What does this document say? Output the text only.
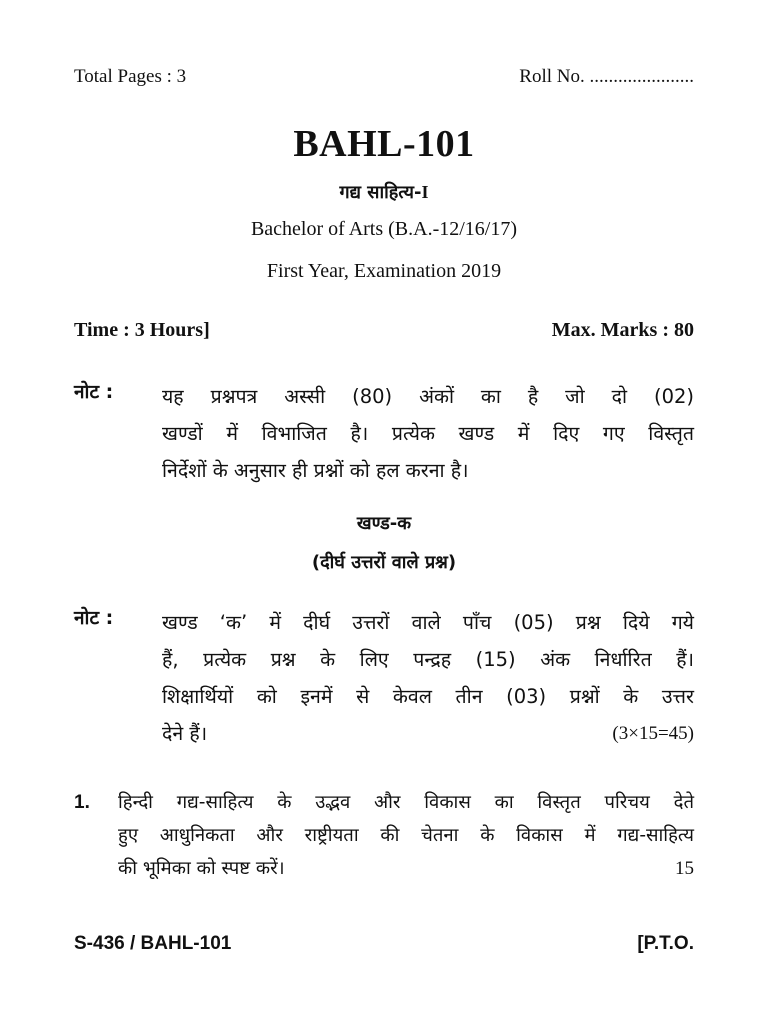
Total Pages : 3	Roll No. ......................
BAHL-101
गद्य साहित्य-I
Bachelor of Arts (B.A.-12/16/17)
First Year, Examination 2019
Time : 3 Hours]	Max. Marks : 80
नोट :	यह प्रश्नपत्र अस्सी (80) अंकों का है जो दो (02)
खण्डों में विभाजित है। प्रत्येक खण्ड में दिए गए विस्तृत
निर्देशों के अनुसार ही प्रश्नों को हल करना है।
खण्ड-क
(दीर्घ उत्तरों वाले प्रश्न)
नोट :	खण्ड ‘क’ में दीर्घ उत्तरों वाले पाँच (05) प्रश्न दिये गये
हैं, प्रत्येक प्रश्न के लिए पन्द्रह (15) अंक निर्धारित हैं।
शिक्षार्थियों को इनमें से केवल तीन (03) प्रश्नों के उत्तर
देने हैं।	(3×15=45)
1.	हिन्दी गद्य-साहित्य के उद्भव और विकास का विस्तृत परिचय देते
हुए आधुनिकता और राष्ट्रीयता की चेतना के विकास में गद्य-साहित्य
की भूमिका को स्पष्ट करें।	15
S-436 / BAHL-101	[P.T.O.
